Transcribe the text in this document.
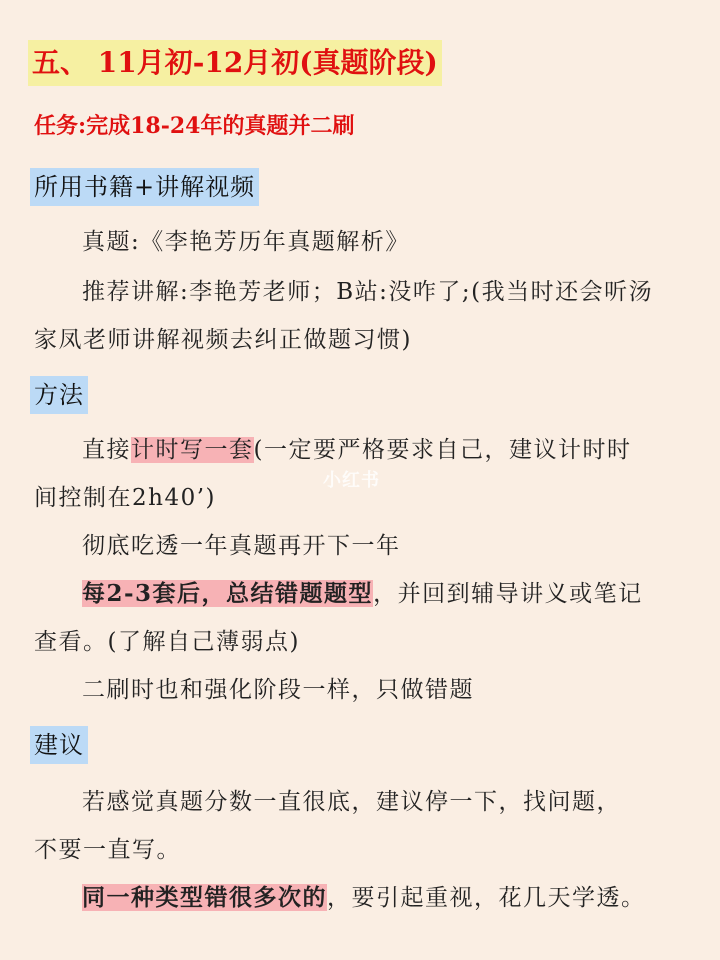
五、 11月初-12月初(真题阶段)
任务:完成18-24年的真题并二刷
所用书籍+讲解视频
真题:《李艳芳历年真题解析》
推荐讲解:李艳芳老师；B站:没咋了;(我当时还会听汤
家凤老师讲解视频去纠正做题习惯)
方法
直接计时写一套(一定要严格要求自己，建议计时时
间控制在2h40’)
彻底吃透一年真题再开下一年
每2-3套后，总结错题题型，并回到辅导讲义或笔记
查看。(了解自己薄弱点)
二刷时也和强化阶段一样，只做错题
建议
若感觉真题分数一直很底，建议停一下，找问题，
不要一直写。
同一种类型错很多次的，要引起重视，花几天学透。
小红书
